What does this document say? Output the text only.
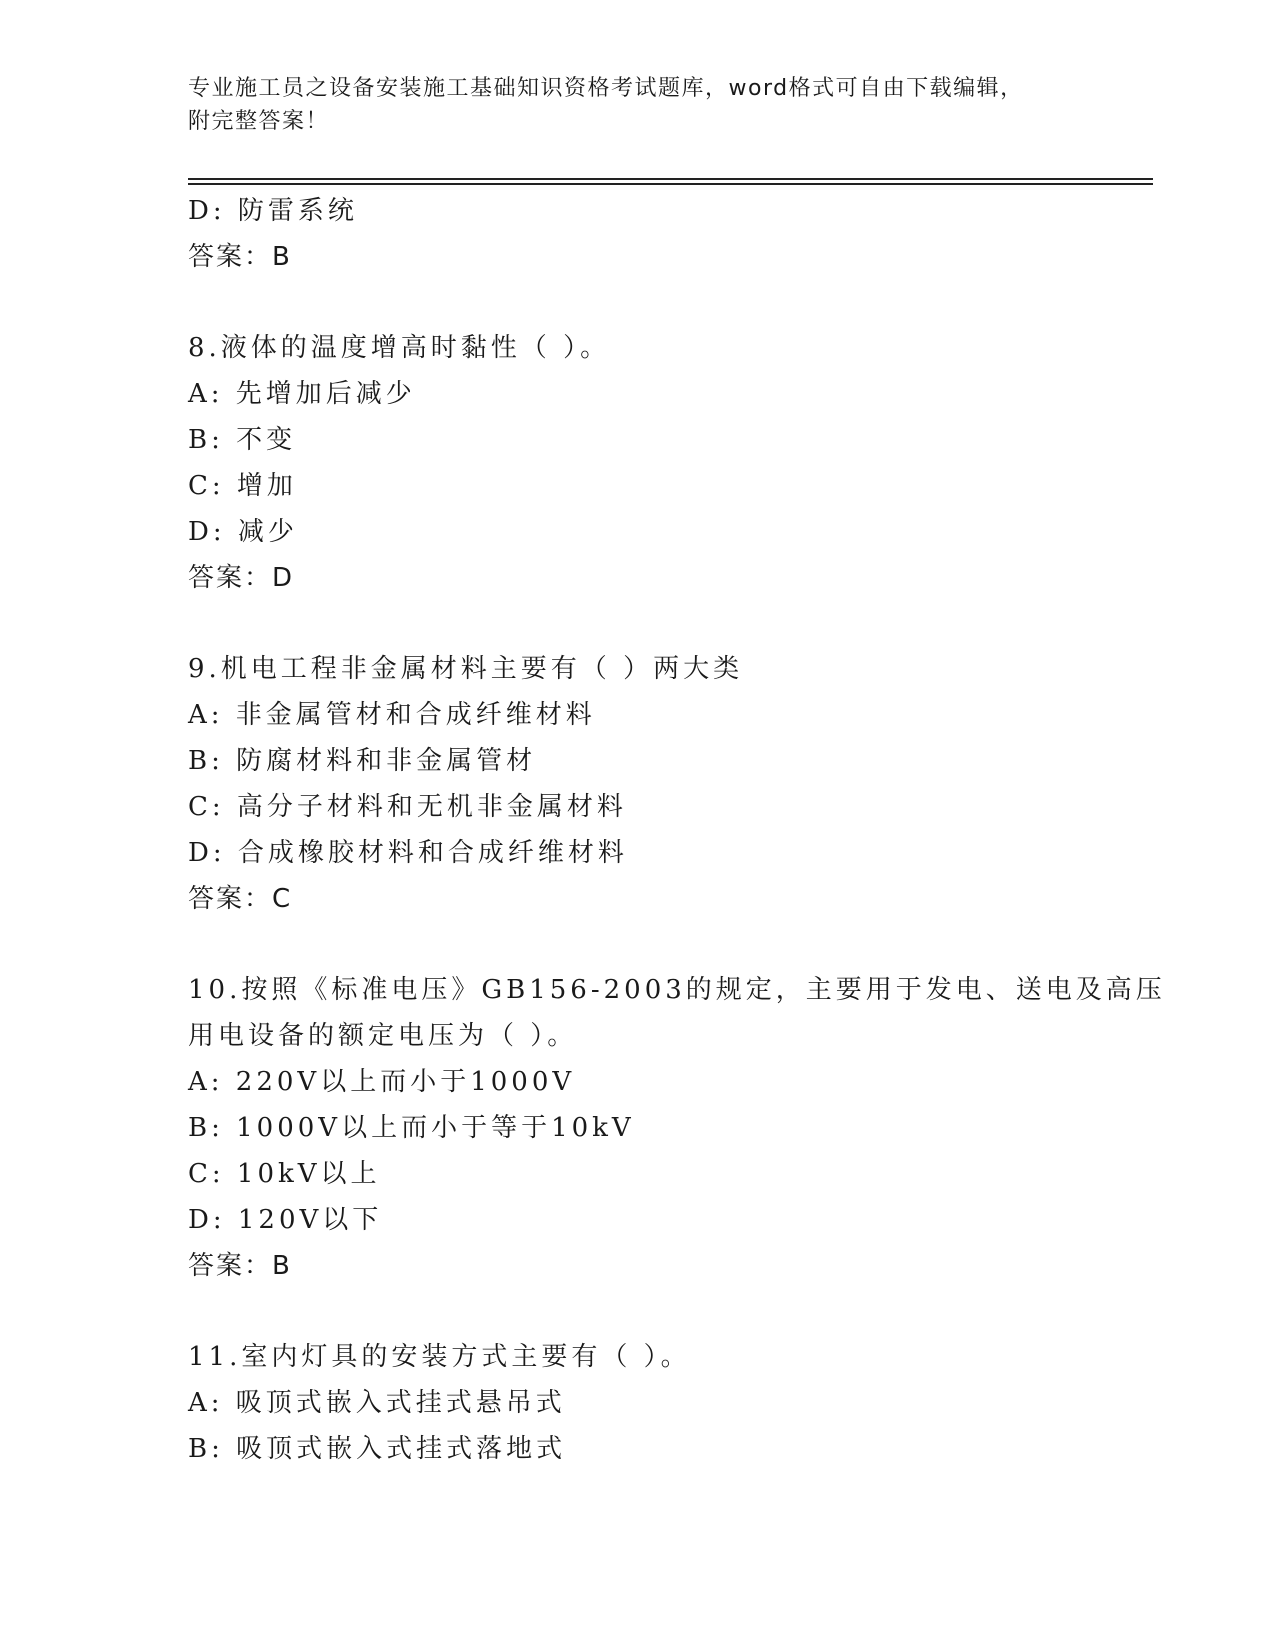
专业施工员之设备安装施工基础知识资格考试题库，word格式可自由下载编辑，
附完整答案！
D: 防雷系统
答案：B
8.液体的温度增高时黏性（ ）。
A: 先增加后减少
B: 不变
C: 增加
D: 减少
答案：D
9.机电工程非金属材料主要有（ ）两大类
A: 非金属管材和合成纤维材料
B: 防腐材料和非金属管材
C: 高分子材料和无机非金属材料
D: 合成橡胶材料和合成纤维材料
答案：C
10.按照《标准电压》GB156-2003的规定，主要用于发电、送电及高压
用电设备的额定电压为（ ）。
A: 220V以上而小于1000V
B: 1000V以上而小于等于10kV
C: 10kV以上
D: 120V以下
答案：B
11.室内灯具的安装方式主要有（ ）。
A: 吸顶式嵌入式挂式悬吊式
B: 吸顶式嵌入式挂式落地式
